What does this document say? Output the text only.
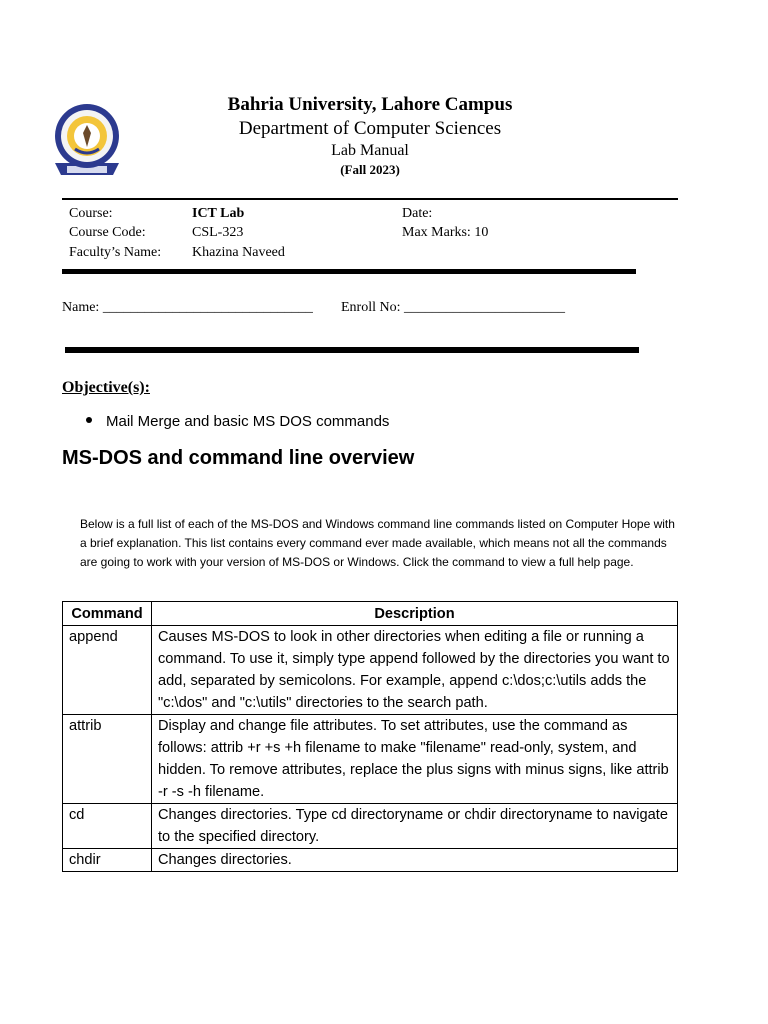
Bahria University, Lahore Campus
Department of Computer Sciences
Lab Manual
(Fall 2023)
Course:	ICT Lab	Date:
Course Code:	CSL-323	Max Marks: 10
Faculty’s Name: Khazina Naveed
Name: ______________________________ Enroll No: _______________________
Objective(s):
Mail Merge and basic MS DOS commands
MS-DOS and command line overview
Below is a full list of each of the MS-DOS and Windows command line commands listed on Computer Hope with a brief explanation. This list contains every command ever made available, which means not all the commands are going to work with your version of MS-DOS or Windows. Click the command to view a full help page.
Command	Description
append	Causes MS-DOS to look in other directories when editing a file or running a command. To use it, simply type append followed by the directories you want to add, separated by semicolons. For example, append c:\dos;c:\utils adds the "c:\dos" and "c:\utils" directories to the search path.
attrib	Display and change file attributes. To set attributes, use the command as follows: attrib +r +s +h filename to make "filename" read-only, system, and hidden. To remove attributes, replace the plus signs with minus signs, like attrib -r -s -h filename.
cd	Changes directories. Type cd directoryname or chdir directoryname to navigate to the specified directory.
chdir	Changes directories.
